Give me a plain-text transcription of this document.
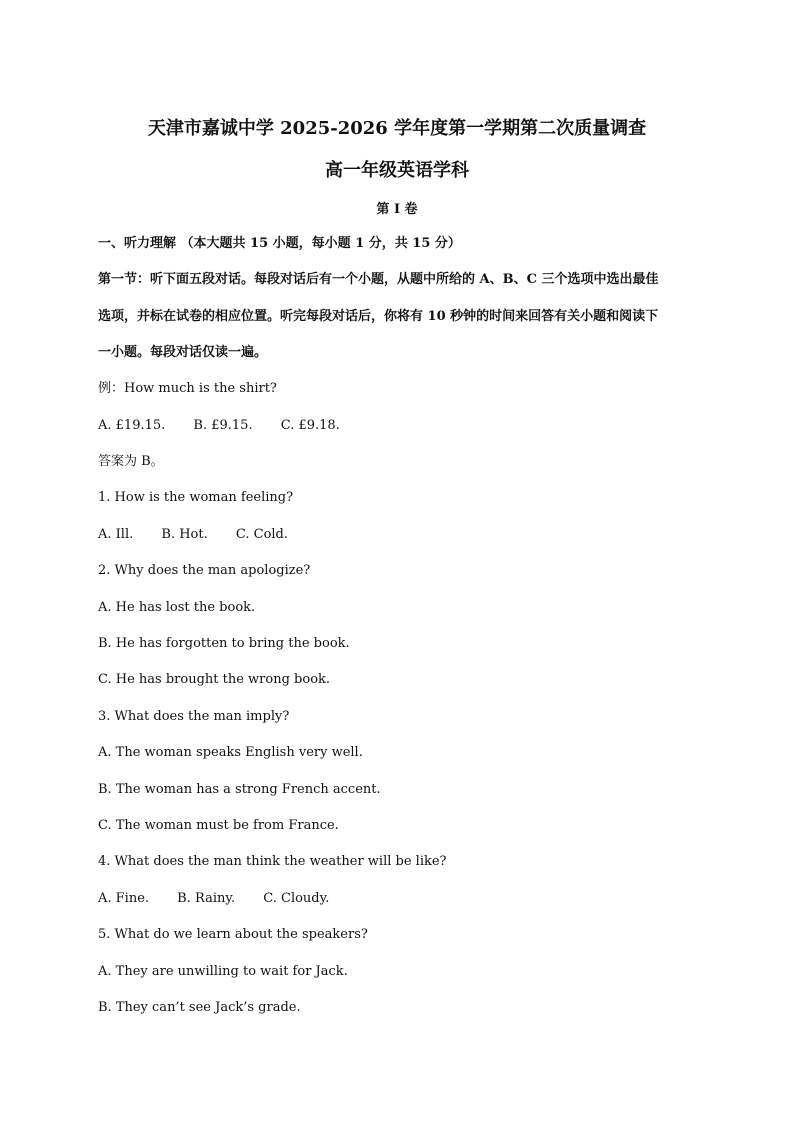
天津市嘉诚中学 2025-2026 学年度第一学期第二次质量调查
高一年级英语学科
第 I 卷
一、听力理解 （本大题共 15 小题，每小题 1 分，共 15 分）
第一节：听下面五段对话。每段对话后有一个小题，从题中所给的 A、B、C 三个选项中选出最佳
选项，并标在试卷的相应位置。听完每段对话后，你将有 10 秒钟的时间来回答有关小题和阅读下
一小题。每段对话仅读一遍。
例：How much is the shirt?
A. £19.15. B. £9.15. C. £9.18.
答案为 B。
1. How is the woman feeling?
A. Ill. B. Hot. C. Cold.
2. Why does the man apologize?
A. He has lost the book.
B. He has forgotten to bring the book.
C. He has brought the wrong book.
3. What does the man imply?
A. The woman speaks English very well.
B. The woman has a strong French accent.
C. The woman must be from France.
4. What does the man think the weather will be like?
A. Fine. B. Rainy. C. Cloudy.
5. What do we learn about the speakers?
A. They are unwilling to wait for Jack.
B. They can’t see Jack’s grade.
